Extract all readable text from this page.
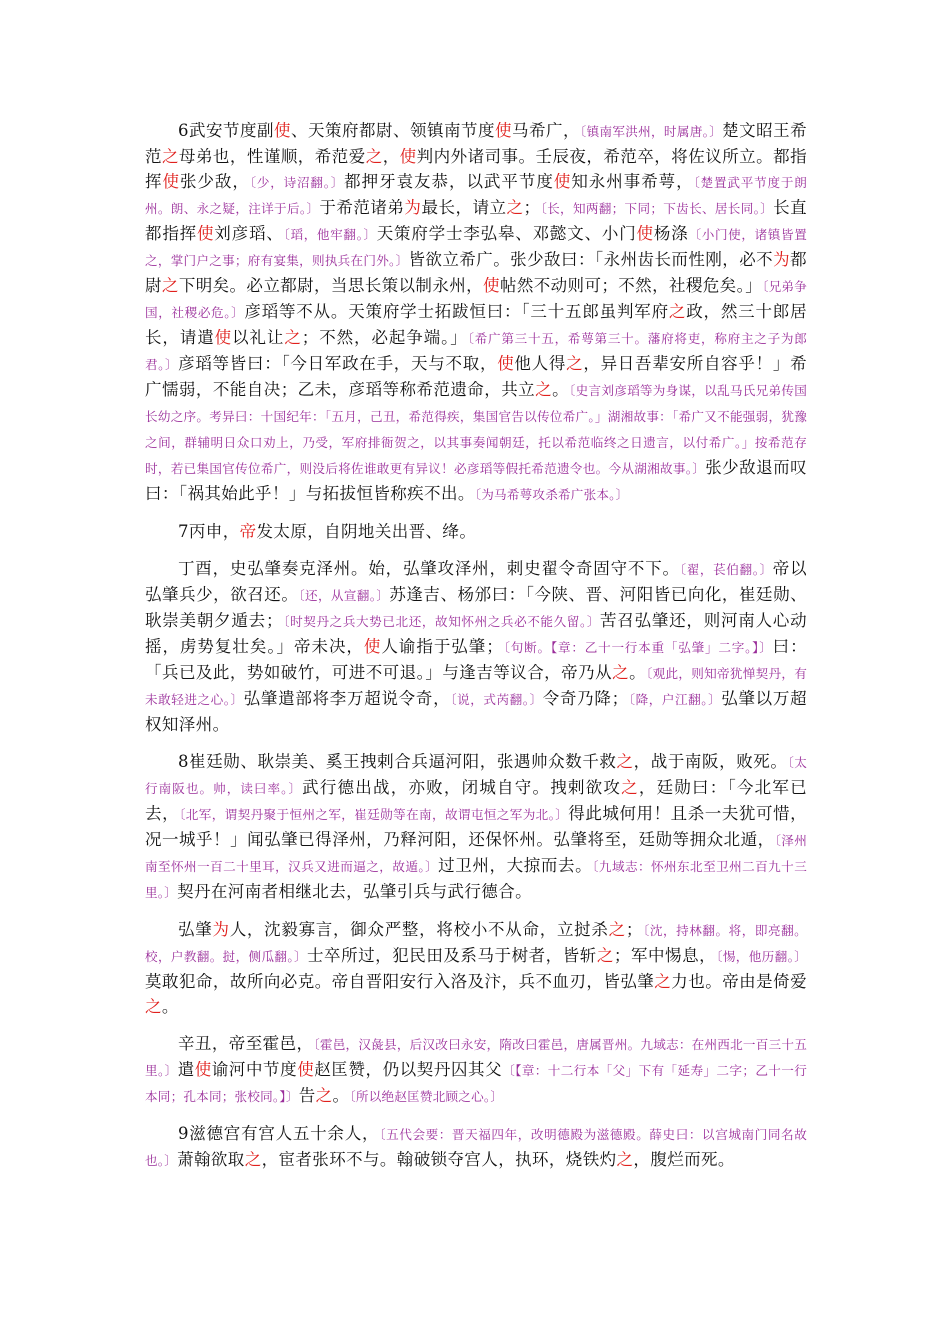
6武安节度副使、天策府都尉、领镇南节度使马希广，〔镇南军洪州，时属唐。〕楚文昭王希范之母弟也，性谨顺，希范爱之，使判内外诸司事。壬辰夜，希范卒，将佐议所立。都指挥使张少敌，〔少，诗沼翻。〕都押牙袁友恭，以武平节度使知永州事希萼，〔楚置武平节度于朗州。朗、永之疑，注详于后。〕于希范诸弟为最长，请立之；〔长，知两翻；下同；下齿长、居长同。〕长直都指挥使刘彦瑫、〔瑫，他牢翻。〕天策府学士李弘皋、邓懿文、小门使杨涤〔小门使，诸镇皆置之，掌门户之事；府有宴集，则执兵在门外。〕皆欲立希广。张少敌曰：「永州齿长而性刚，必不为都尉之下明矣。必立都尉，当思长策以制永州，使帖然不动则可；不然，社稷危矣。」〔兄弟争国，社稷必危。〕彦瑫等不从。天策府学士拓跋恒曰：「三十五郎虽判军府之政，然三十郎居长，请遣使以礼让之；不然，必起争端。」〔希广第三十五，希萼第三十。藩府将吏，称府主之子为郎君。〕彦瑫等皆曰：「今日军政在手，天与不取，使他人得之，异日吾辈安所自容乎！」希广懦弱，不能自决；乙未，彦瑫等称希范遗命，共立之。〔史言刘彦瑫等为身谋，以乱马氏兄弟传国长幼之序。考异曰：十国纪年：「五月，己丑，希范得疾，集国官告以传位希广。」湖湘故事：「希广又不能强弱，犹豫之间，群辅明日众口劝上，乃受，军府排衙贺之，以其事奏闻朝廷，托以希范临终之日遗言，以付希广。」按希范存时，若已集国官传位希广，则没后将佐谁敢更有异议！必彦瑫等假托希范遗令也。今从湖湘故事。〕张少敌退而叹曰：「祸其始此乎！」与拓拔恒皆称疾不出。〔为马希萼攻杀希广张本。〕

7丙申，帝发太原，自阴地关出晋、绛。

丁酉，史弘肇奏克泽州。始，弘肇攻泽州，刺史翟令奇固守不下。〔翟，苌伯翻。〕帝以弘肇兵少，欲召还。〔还，从宣翻。〕苏逢吉、杨邠曰：「今陕、晋、河阳皆已向化，崔廷勋、耿崇美朝夕遁去；〔时契丹之兵大势已北还，故知怀州之兵必不能久留。〕苦召弘肇还，则河南人心动摇，虏势复壮矣。」帝未决，使人谕指于弘肇；〔句断。【章：乙十一行本重「弘肇」二字。】〕曰：「兵已及此，势如破竹，可进不可退。」与逢吉等议合，帝乃从之。〔观此，则知帝犹惮契丹，有未敢轻进之心。〕弘肇遣部将李万超说令奇，〔说，式芮翻。〕令奇乃降；〔降，户江翻。〕弘肇以万超权知泽州。

8崔廷勋、耿崇美、奚王拽剌合兵逼河阳，张遇帅众数千救之，战于南阪，败死。〔太行南阪也。帅，读曰率。〕武行德出战，亦败，闭城自守。拽剌欲攻之，廷勋曰：「今北军已去，〔北军，谓契丹聚于恒州之军，崔廷勋等在南，故谓屯恒之军为北。〕得此城何用！且杀一夫犹可惜，况一城乎！」闻弘肇已得泽州，乃释河阳，还保怀州。弘肇将至，廷勋等拥众北遁，〔泽州南至怀州一百二十里耳，汉兵又进而逼之，故遁。〕过卫州，大掠而去。〔九域志：怀州东北至卫州二百九十三里。〕契丹在河南者相继北去，弘肇引兵与武行德合。

弘肇为人，沈毅寡言，御众严整，将校小不从命，立挝杀之；〔沈，持林翻。将，即亮翻。校，户教翻。挝，侧瓜翻。〕士卒所过，犯民田及系马于树者，皆斩之；军中惕息，〔惕，他历翻。〕莫敢犯命，故所向必克。帝自晋阳安行入洛及汴，兵不血刃，皆弘肇之力也。帝由是倚爱之。

辛丑，帝至霍邑，〔霍邑，汉彘县，后汉改曰永安，隋改曰霍邑，唐属晋州。九域志：在州西北一百三十五里。〕遣使谕河中节度使赵匡赞，仍以契丹囚其父〔【章：十二行本「父」下有「延寿」二字；乙十一行本同；孔本同；张校同。】〕告之。〔所以绝赵匡赞北顾之心。〕

9滋德宫有宫人五十余人，〔五代会要：晋天福四年，改明德殿为滋德殿。薛史曰：以宫城南门同名故也。〕萧翰欲取之，宦者张环不与。翰破锁夺宫人，执环，烧铁灼之，腹烂而死。
